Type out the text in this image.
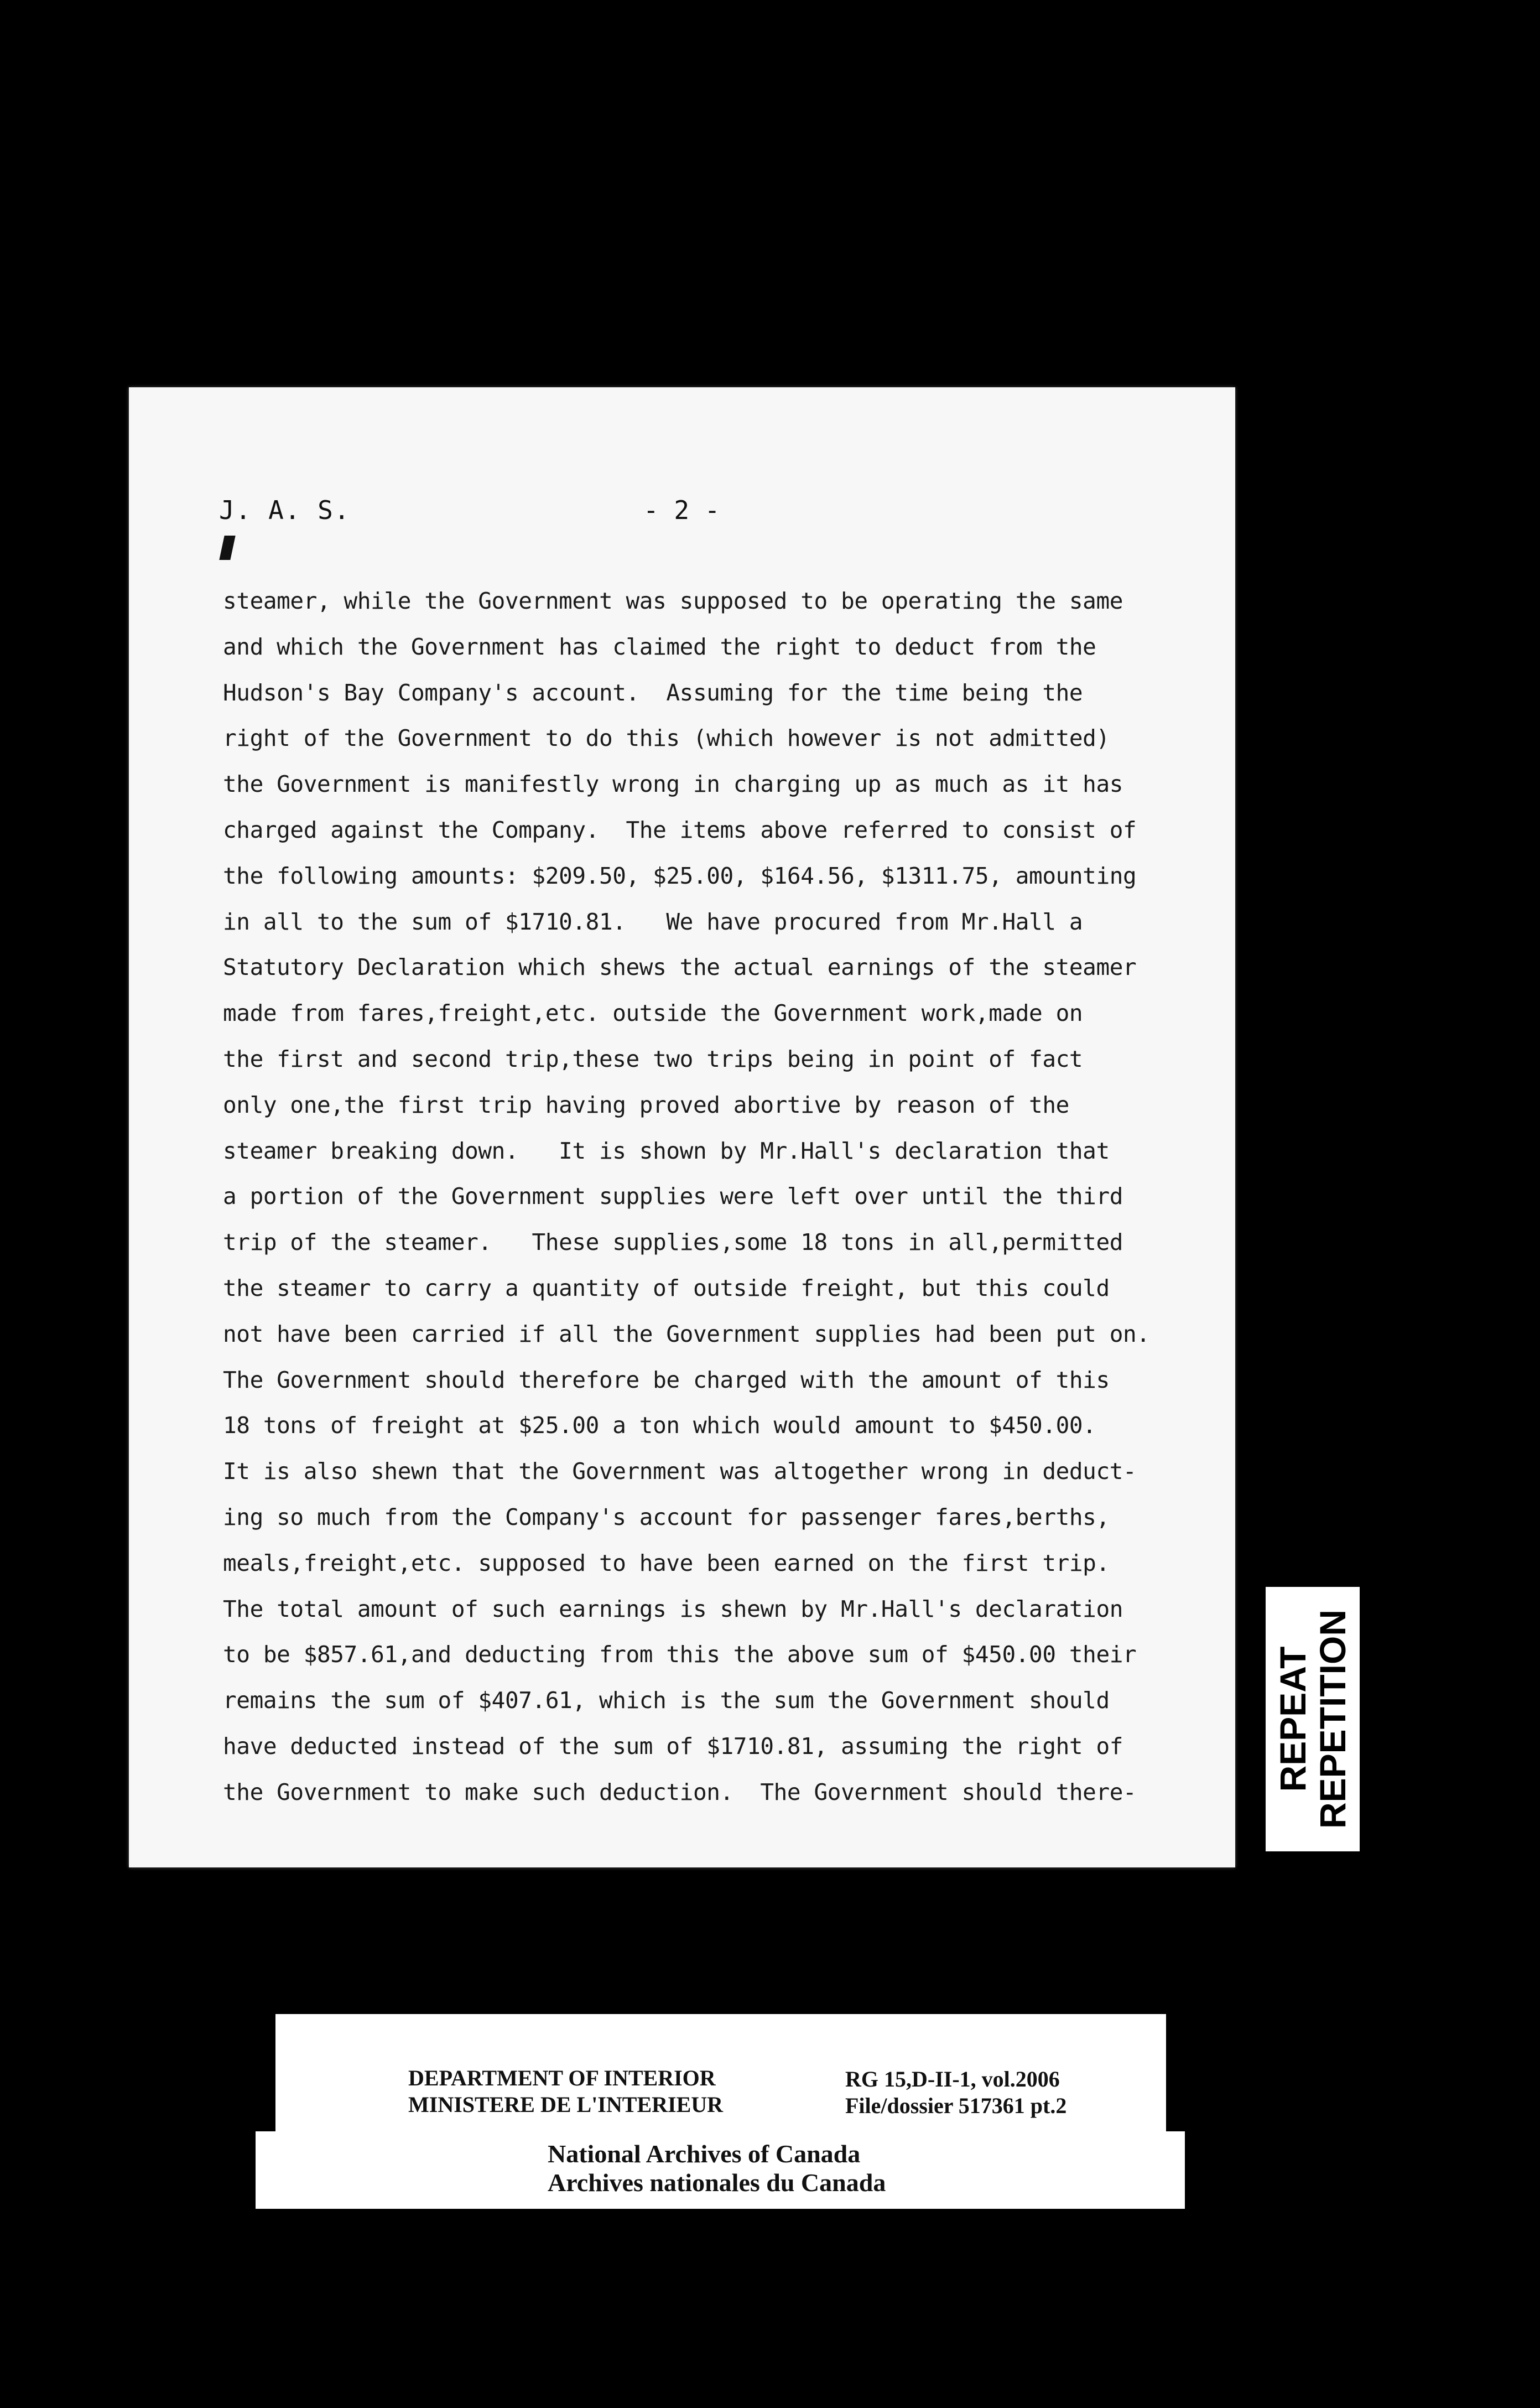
J. A. S.	- 2 -
steamer, while the Government was supposed to be operating the same
and which the Government has claimed the right to deduct from the
Hudson's Bay Company's account.  Assuming for the time being the
right of the Government to do this (which however is not admitted)
the Government is manifestly wrong in charging up as much as it has
charged against the Company.  The items above referred to consist of
the following amounts: $209.50, $25.00, $164.56, $1311.75, amounting
in all to the sum of $1710.81.   We have procured from Mr.Hall a
Statutory Declaration which shews the actual earnings of the steamer
made from fares,freight,etc. outside the Government work,made on
the first and second trip,these two trips being in point of fact
only one,the first trip having proved abortive by reason of the
steamer breaking down.   It is shown by Mr.Hall's declaration that
a portion of the Government supplies were left over until the third
trip of the steamer.   These supplies,some 18 tons in all,permitted
the steamer to carry a quantity of outside freight, but this could
not have been carried if all the Government supplies had been put on.
The Government should therefore be charged with the amount of this
18 tons of freight at $25.00 a ton which would amount to $450.00.
It is also shewn that the Government was altogether wrong in deduct-
ing so much from the Company's account for passenger fares,berths,
meals,freight,etc. supposed to have been earned on the first trip.
The total amount of such earnings is shewn by Mr.Hall's declaration
to be $857.61,and deducting from this the above sum of $450.00 their
remains the sum of $407.61, which is the sum the Government should
have deducted instead of the sum of $1710.81, assuming the right of
the Government to make such deduction.  The Government should there-
REPEAT
REPETITION
DEPARTMENT OF INTERIOR
MINISTERE DE L'INTERIEUR
RG 15,D-II-1, vol.2006
File/dossier 517361 pt.2
National Archives of Canada
Archives nationales du Canada
